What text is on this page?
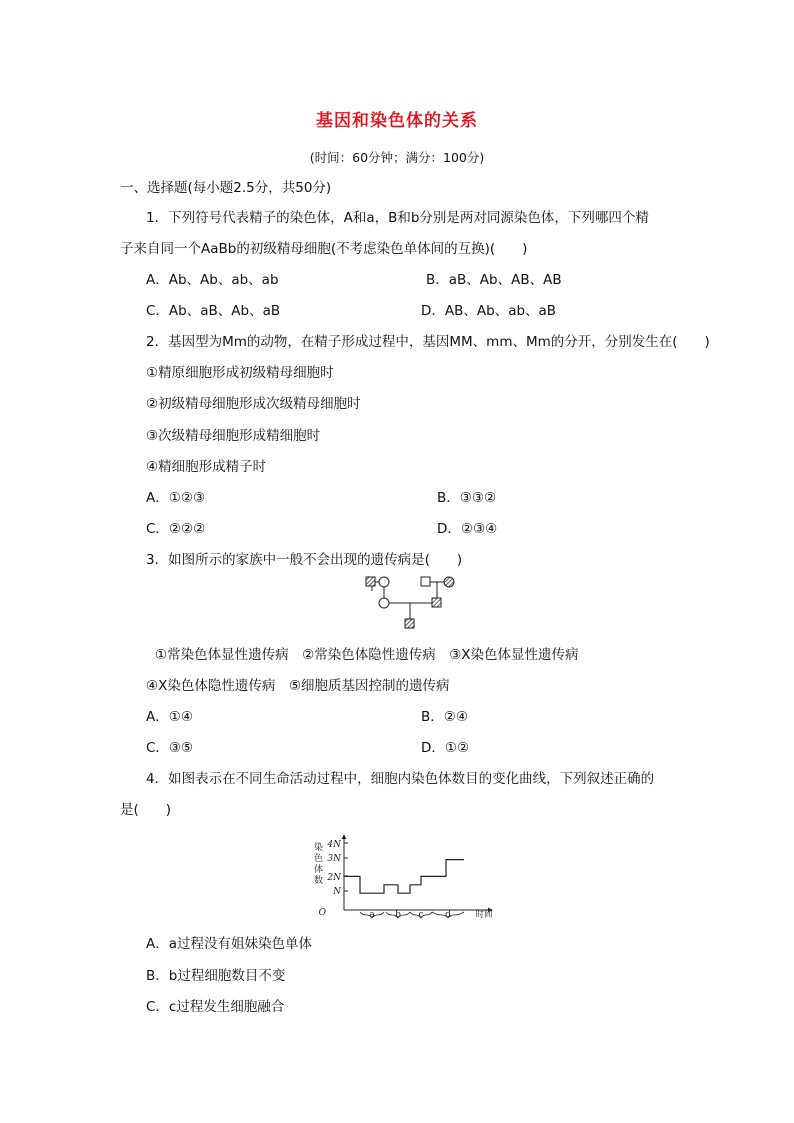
基因和染色体的关系
(时间：60分钟；满分：100分)
一、选择题(每小题2.5分，共50分)
1．下列符号代表精子的染色体，A和a，B和b分别是两对同源染色体，下列哪四个精
子来自同一个AaBb的初级精母细胞(不考虑染色单体间的互换)(　　)
A．Ab、Ab、ab、ab	B．aB、Ab、AB、AB
C．Ab、aB、Ab、aB	D．AB、Ab、ab、aB
2．基因型为Mm的动物，在精子形成过程中，基因MM、mm、Mm的分开，分别发生在(　　)
①精原细胞形成初级精母细胞时
②初级精母细胞形成次级精母细胞时
③次级精母细胞形成精细胞时
④精细胞形成精子时
A．①②③	B．③③②
C．②②②	D．②③④
3．如图所示的家族中一般不会出现的遗传病是(　　)
①常染色体显性遗传病　②常染色体隐性遗传病　③X染色体显性遗传病
④X染色体隐性遗传病　⑤细胞质基因控制的遗传病
A．①④	B．②④
C．③⑤	D．①②
4．如图表示在不同生命活动过程中，细胞内染色体数目的变化曲线，下列叙述正确的
是(　　)
染
色
体
数
4N
3N
2N
N
O	a b c d	时间
A．a过程没有姐妹染色单体
B．b过程细胞数目不变
C．c过程发生细胞融合
